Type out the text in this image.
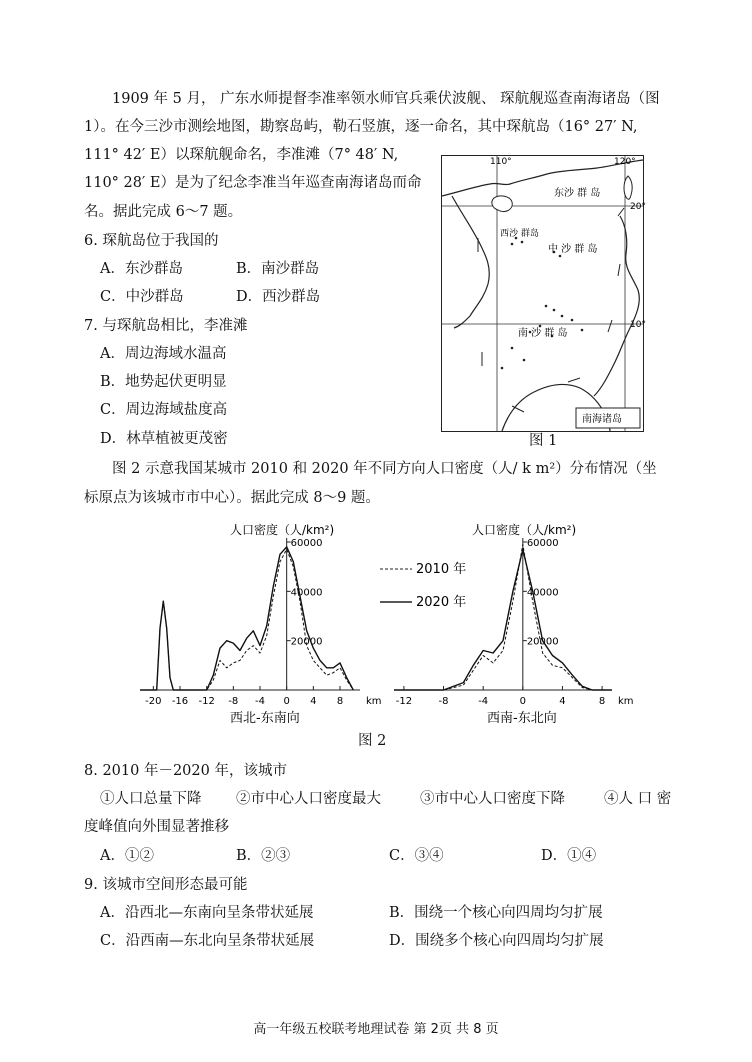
1909 年 5 月， 广东水师提督李准率领水师官兵乘伏波舰、 琛航舰巡查南海诸岛（图
1）。在今三沙市测绘地图，勘察岛屿，勒石竖旗，逐一命名，其中琛航岛（16° 27′ N,
111° 42′ E）以琛航舰命名，李准滩（7° 48′ N,
110° 28′ E）是为了纪念李准当年巡查南海诸岛而命
名。据此完成 6～7 题。
6. 琛航岛位于我国的
A．东沙群岛	B．南沙群岛
C．中沙群岛	D．西沙群岛
7. 与琛航岛相比，李准滩
A．周边海域水温高
B．地势起伏更明显
C．周边海域盐度高
D．林草植被更茂密
110°	120°
20°
10°
东沙 群 岛
西沙 群岛
中 沙 群 岛
南 沙 群 岛
南海诸岛
图 1
图 2 示意我国某城市 2010 和 2020 年不同方向人口密度（人/ k m²）分布情况（坐
标原点为该城市市中心）。据此完成 8～9 题。
-20 -16 -12 -8 -4 0 4 8 km
20000
40000
60000
-12	-8	-4	0	4	8 km
20000
40000
60000
人口密度（人/km²)	人口密度（人/km²)
2010 年
2020 年
西北-东南向	西南-东北向
图 2
8. 2010 年－2020 年，该城市
①人口总量下降 ②市中心人口密度最大	③市中心人口密度下降	④人 口 密
度峰值向外围显著推移
A．①②	B．②③	C．③④	D．①④
9. 该城市空间形态最可能
A．沿西北—东南向呈条带状延展	B．围绕一个核心向四周均匀扩展
C．沿西南—东北向呈条带状延展	D．围绕多个核心向四周均匀扩展
高一年级五校联考地理试卷 第 2页 共 8 页
